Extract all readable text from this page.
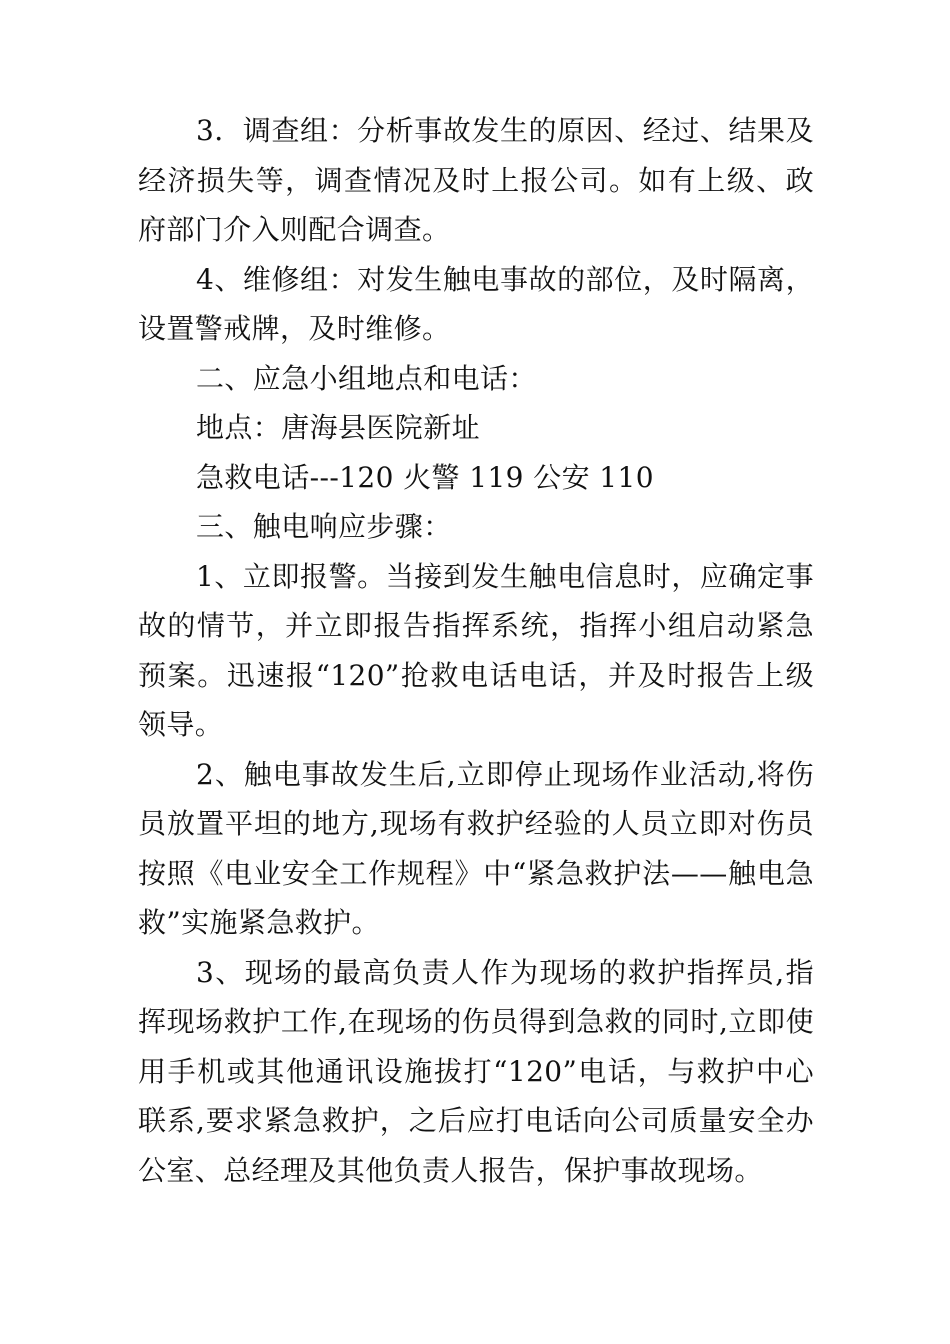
3．调查组：分析事故发生的原因、经过、结果及经济损失等，调查情况及时上报公司。如有上级、政府部门介入则配合调查。

4、维修组：对发生触电事故的部位，及时隔离，设置警戒牌，及时维修。

二、应急小组地点和电话：

地点：唐海县医院新址

急救电话---120 火警 119 公安 110

三、触电响应步骤：

1、立即报警。当接到发生触电信息时，应确定事故的情节，并立即报告指挥系统，指挥小组启动紧急预案。迅速报“120”抢救电话电话，并及时报告上级领导。

2、触电事故发生后,立即停止现场作业活动,将伤员放置平坦的地方,现场有救护经验的人员立即对伤员按照《电业安全工作规程》中“紧急救护法——触电急救”实施紧急救护。

3、现场的最高负责人作为现场的救护指挥员,指挥现场救护工作,在现场的伤员得到急救的同时,立即使用手机或其他通讯设施拔打“120”电话，与救护中心联系,要求紧急救护，之后应打电话向公司质量安全办公室、总经理及其他负责人报告，保护事故现场。
